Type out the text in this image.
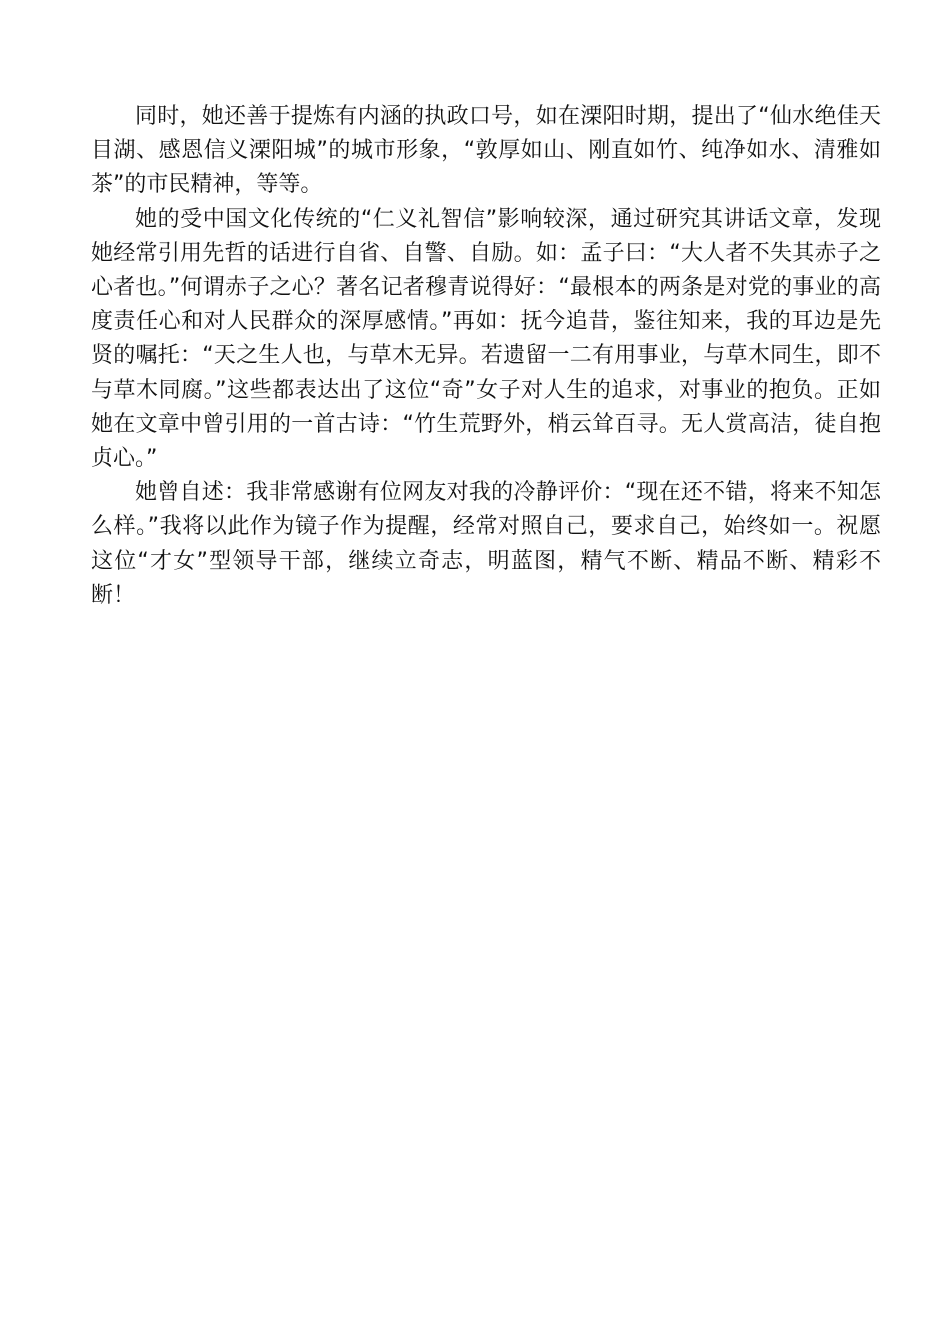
同时，她还善于提炼有内涵的执政口号，如在溧阳时期，提出了“仙水绝佳天目湖、感恩信义溧阳城”的城市形象，“敦厚如山、刚直如竹、纯净如水、清雅如茶”的市民精神，等等。

她的受中国文化传统的“仁义礼智信”影响较深，通过研究其讲话文章，发现她经常引用先哲的话进行自省、自警、自励。如：孟子曰：“大人者不失其赤子之心者也。”何谓赤子之心？著名记者穆青说得好：“最根本的两条是对党的事业的高度责任心和对人民群众的深厚感情。”再如：抚今追昔，鉴往知来，我的耳边是先贤的嘱托：“天之生人也，与草木无异。若遗留一二有用事业，与草木同生，即不与草木同腐。”这些都表达出了这位“奇”女子对人生的追求，对事业的抱负。正如她在文章中曾引用的一首古诗：“竹生荒野外，梢云耸百寻。无人赏高洁，徒自抱贞心。”

她曾自述：我非常感谢有位网友对我的冷静评价：“现在还不错，将来不知怎么样。”我将以此作为镜子作为提醒，经常对照自己，要求自己，始终如一。祝愿这位“才女”型领导干部，继续立奇志，明蓝图，精气不断、精品不断、精彩不断！
